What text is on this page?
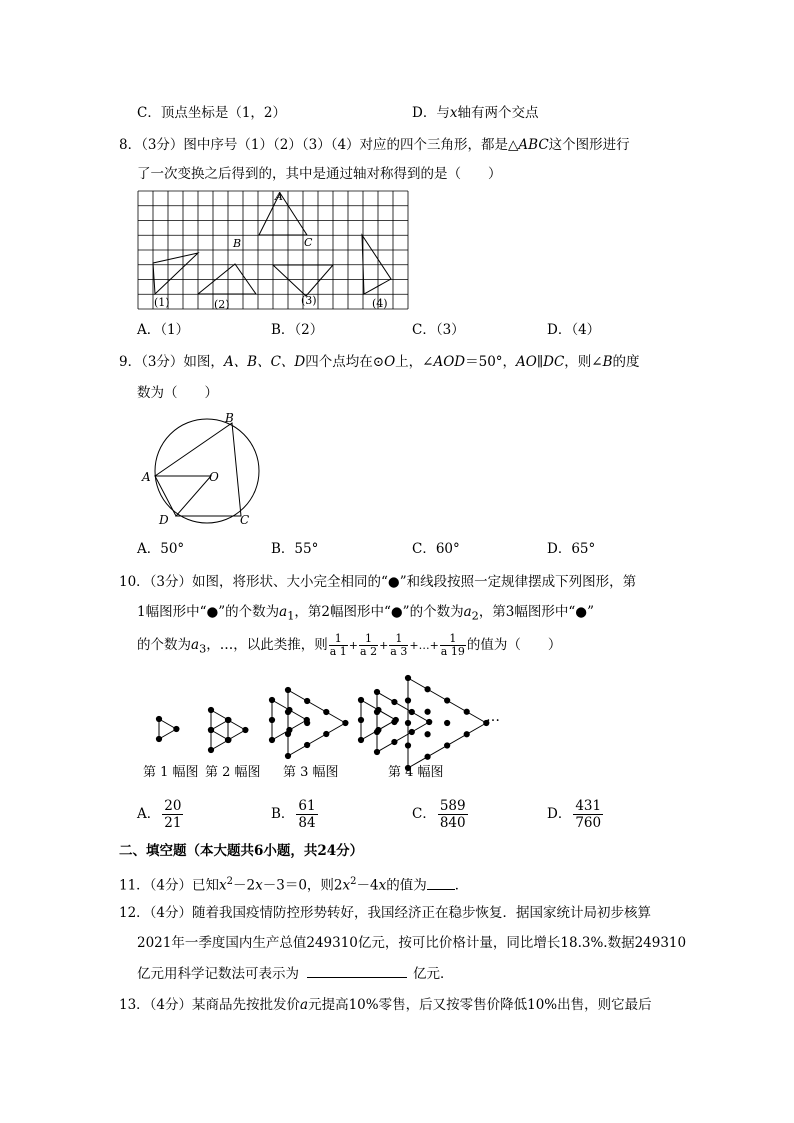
C．顶点坐标是（1，2）	D．与x轴有两个交点
8．（3分）图中序号（1）（2）（3）（4）对应的四个三角形，都是△ABC这个图形进行
了一次变换之后得到的，其中是通过轴对称得到的是（　　）
A
B	C
(1)	(2)	(3)	(4)
A．（1）	B．（2）	C．（3）	D．（4）
9．（3分）如图，A、B、C、D四个点均在⊙O上，∠AOD＝50°，AO∥DC，则∠B的度
数为（　　）
B
A	O
D	C
A．50°	B．55°	C．60°	D．65°
10．（3分）如图，将形状、大小完全相同的“●”和线段按照一定规律摆成下列图形，第
1幅图形中“●”的个数为$a_1$，第2幅图形中“●”的个数为$a_2$，第3幅图形中“●”
的个数为$a_3$，…，以此类推，则 $\frac{1}{a 1} + \frac{1}{a 2} + \frac{1}{a 3}$ +…+ $\frac{1}{a 19}$ 的值为（　　）
…
第 1 幅图 第 2 幅图 第 3 幅图	第 4 幅图
A． $\frac{20}{21}$	B． $\frac{61}{84}$	C． $\frac{589}{840}$	D． $\frac{431}{760}$
二、填空题（本大题共6小题，共24分）
11．（4分）已知$x^2-2x-3=0$，则$2x^2-4x$的值为 ．
12．（4分）随着我国疫情防控形势转好，我国经济正在稳步恢复．据国家统计局初步核算
2021年一季度国内生产总值249310亿元，按可比价格计量，同比增长18.3%.数据249310
亿元用科学记数法可表示为	亿元．
13．（4分）某商品先按批发价a元提高10%零售，后又按零售价降低10%出售，则它最后
